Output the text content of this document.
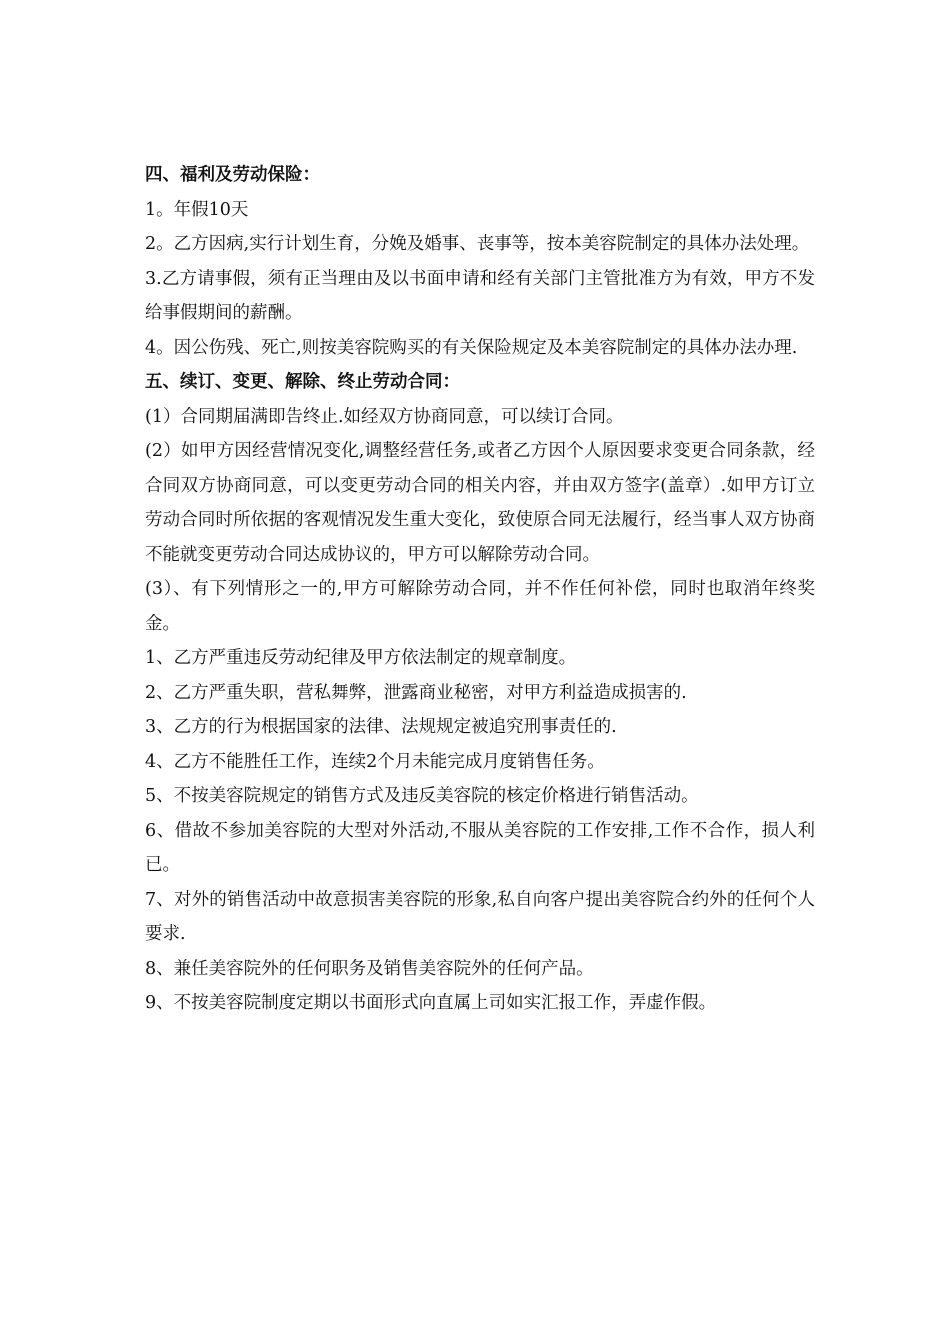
四、福利及劳动保险：

1。年假10天

2。乙方因病,实行计划生育，分娩及婚事、丧事等，按本美容院制定的具体办法处理。

3.乙方请事假，须有正当理由及以书面申请和经有关部门主管批准方为有效，甲方不发给事假期间的薪酬。

4。因公伤残、死亡,则按美容院购买的有关保险规定及本美容院制定的具体办法办理.

五、续订、变更、解除、终止劳动合同：

(1）合同期届满即告终止.如经双方协商同意，可以续订合同。

(2）如甲方因经营情况变化,调整经营任务,或者乙方因个人原因要求变更合同条款，经合同双方协商同意，可以变更劳动合同的相关内容，并由双方签字(盖章）.如甲方订立劳动合同时所依据的客观情况发生重大变化，致使原合同无法履行，经当事人双方协商不能就变更劳动合同达成协议的，甲方可以解除劳动合同。

(3）、有下列情形之一的,甲方可解除劳动合同，并不作任何补偿，同时也取消年终奖金。

1、乙方严重违反劳动纪律及甲方依法制定的规章制度。

2、乙方严重失职，营私舞弊，泄露商业秘密，对甲方利益造成损害的.

3、乙方的行为根据国家的法律、法规规定被追究刑事责任的.

4、乙方不能胜任工作，连续2个月未能完成月度销售任务。

5、不按美容院规定的销售方式及违反美容院的核定价格进行销售活动。

6、借故不参加美容院的大型对外活动,不服从美容院的工作安排,工作不合作，损人利已。

7、对外的销售活动中故意损害美容院的形象,私自向客户提出美容院合约外的任何个人要求.

8、兼任美容院外的任何职务及销售美容院外的任何产品。

9、不按美容院制度定期以书面形式向直属上司如实汇报工作，弄虚作假。
